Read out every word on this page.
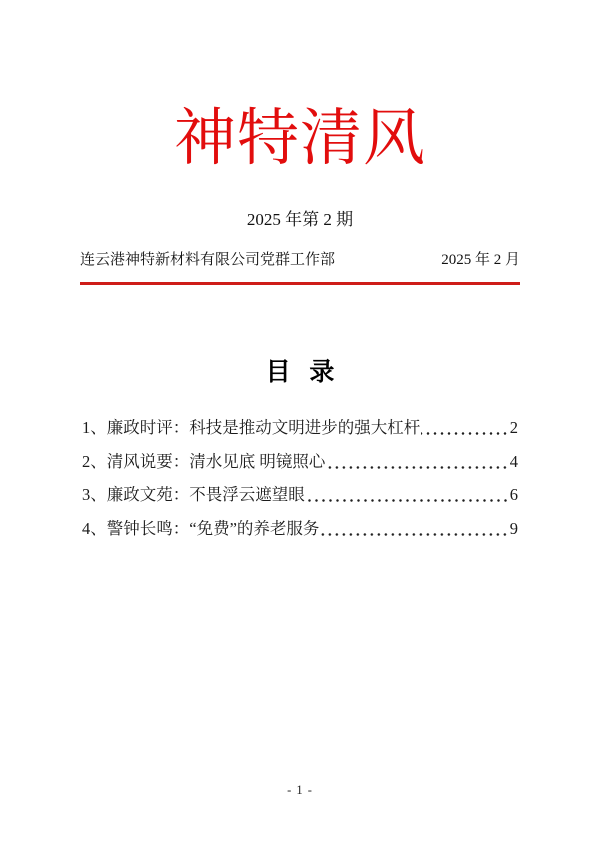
神特清风
2025 年第 2 期
连云港神特新材料有限公司党群工作部	2025 年 2 月
目   录
1、廉政时评：科技是推动文明进步的强大杠杆	2
2、清风说要：清水见底 明镜照心	4
3、廉政文苑：不畏浮云遮望眼	6
4、警钟长鸣：“免费”的养老服务	9
- 1 -
